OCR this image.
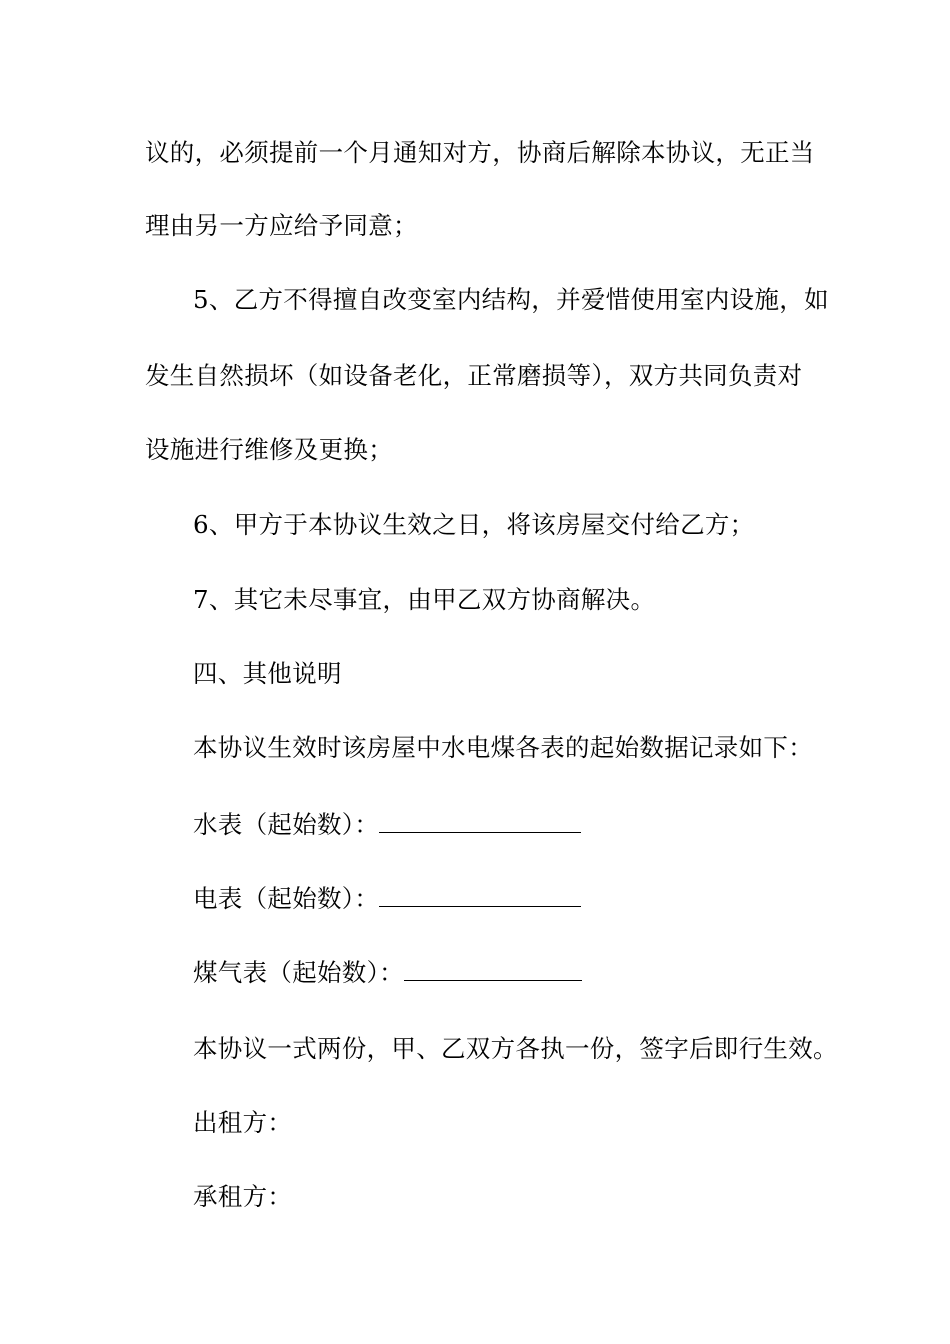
议的，必须提前一个月通知对方，协商后解除本协议，无正当
理由另一方应给予同意；
5、乙方不得擅自改变室内结构，并爱惜使用室内设施，如
发生自然损坏（如设备老化，正常磨损等），双方共同负责对
设施进行维修及更换；
6、甲方于本协议生效之日，将该房屋交付给乙方；
7、其它未尽事宜，由甲乙双方协商解决。
四、其他说明
本协议生效时该房屋中水电煤各表的起始数据记录如下：
水表（起始数）：
电表（起始数）：
煤气表（起始数）：
本协议一式两份，甲、乙双方各执一份，签字后即行生效。
出租方：
承租方：
